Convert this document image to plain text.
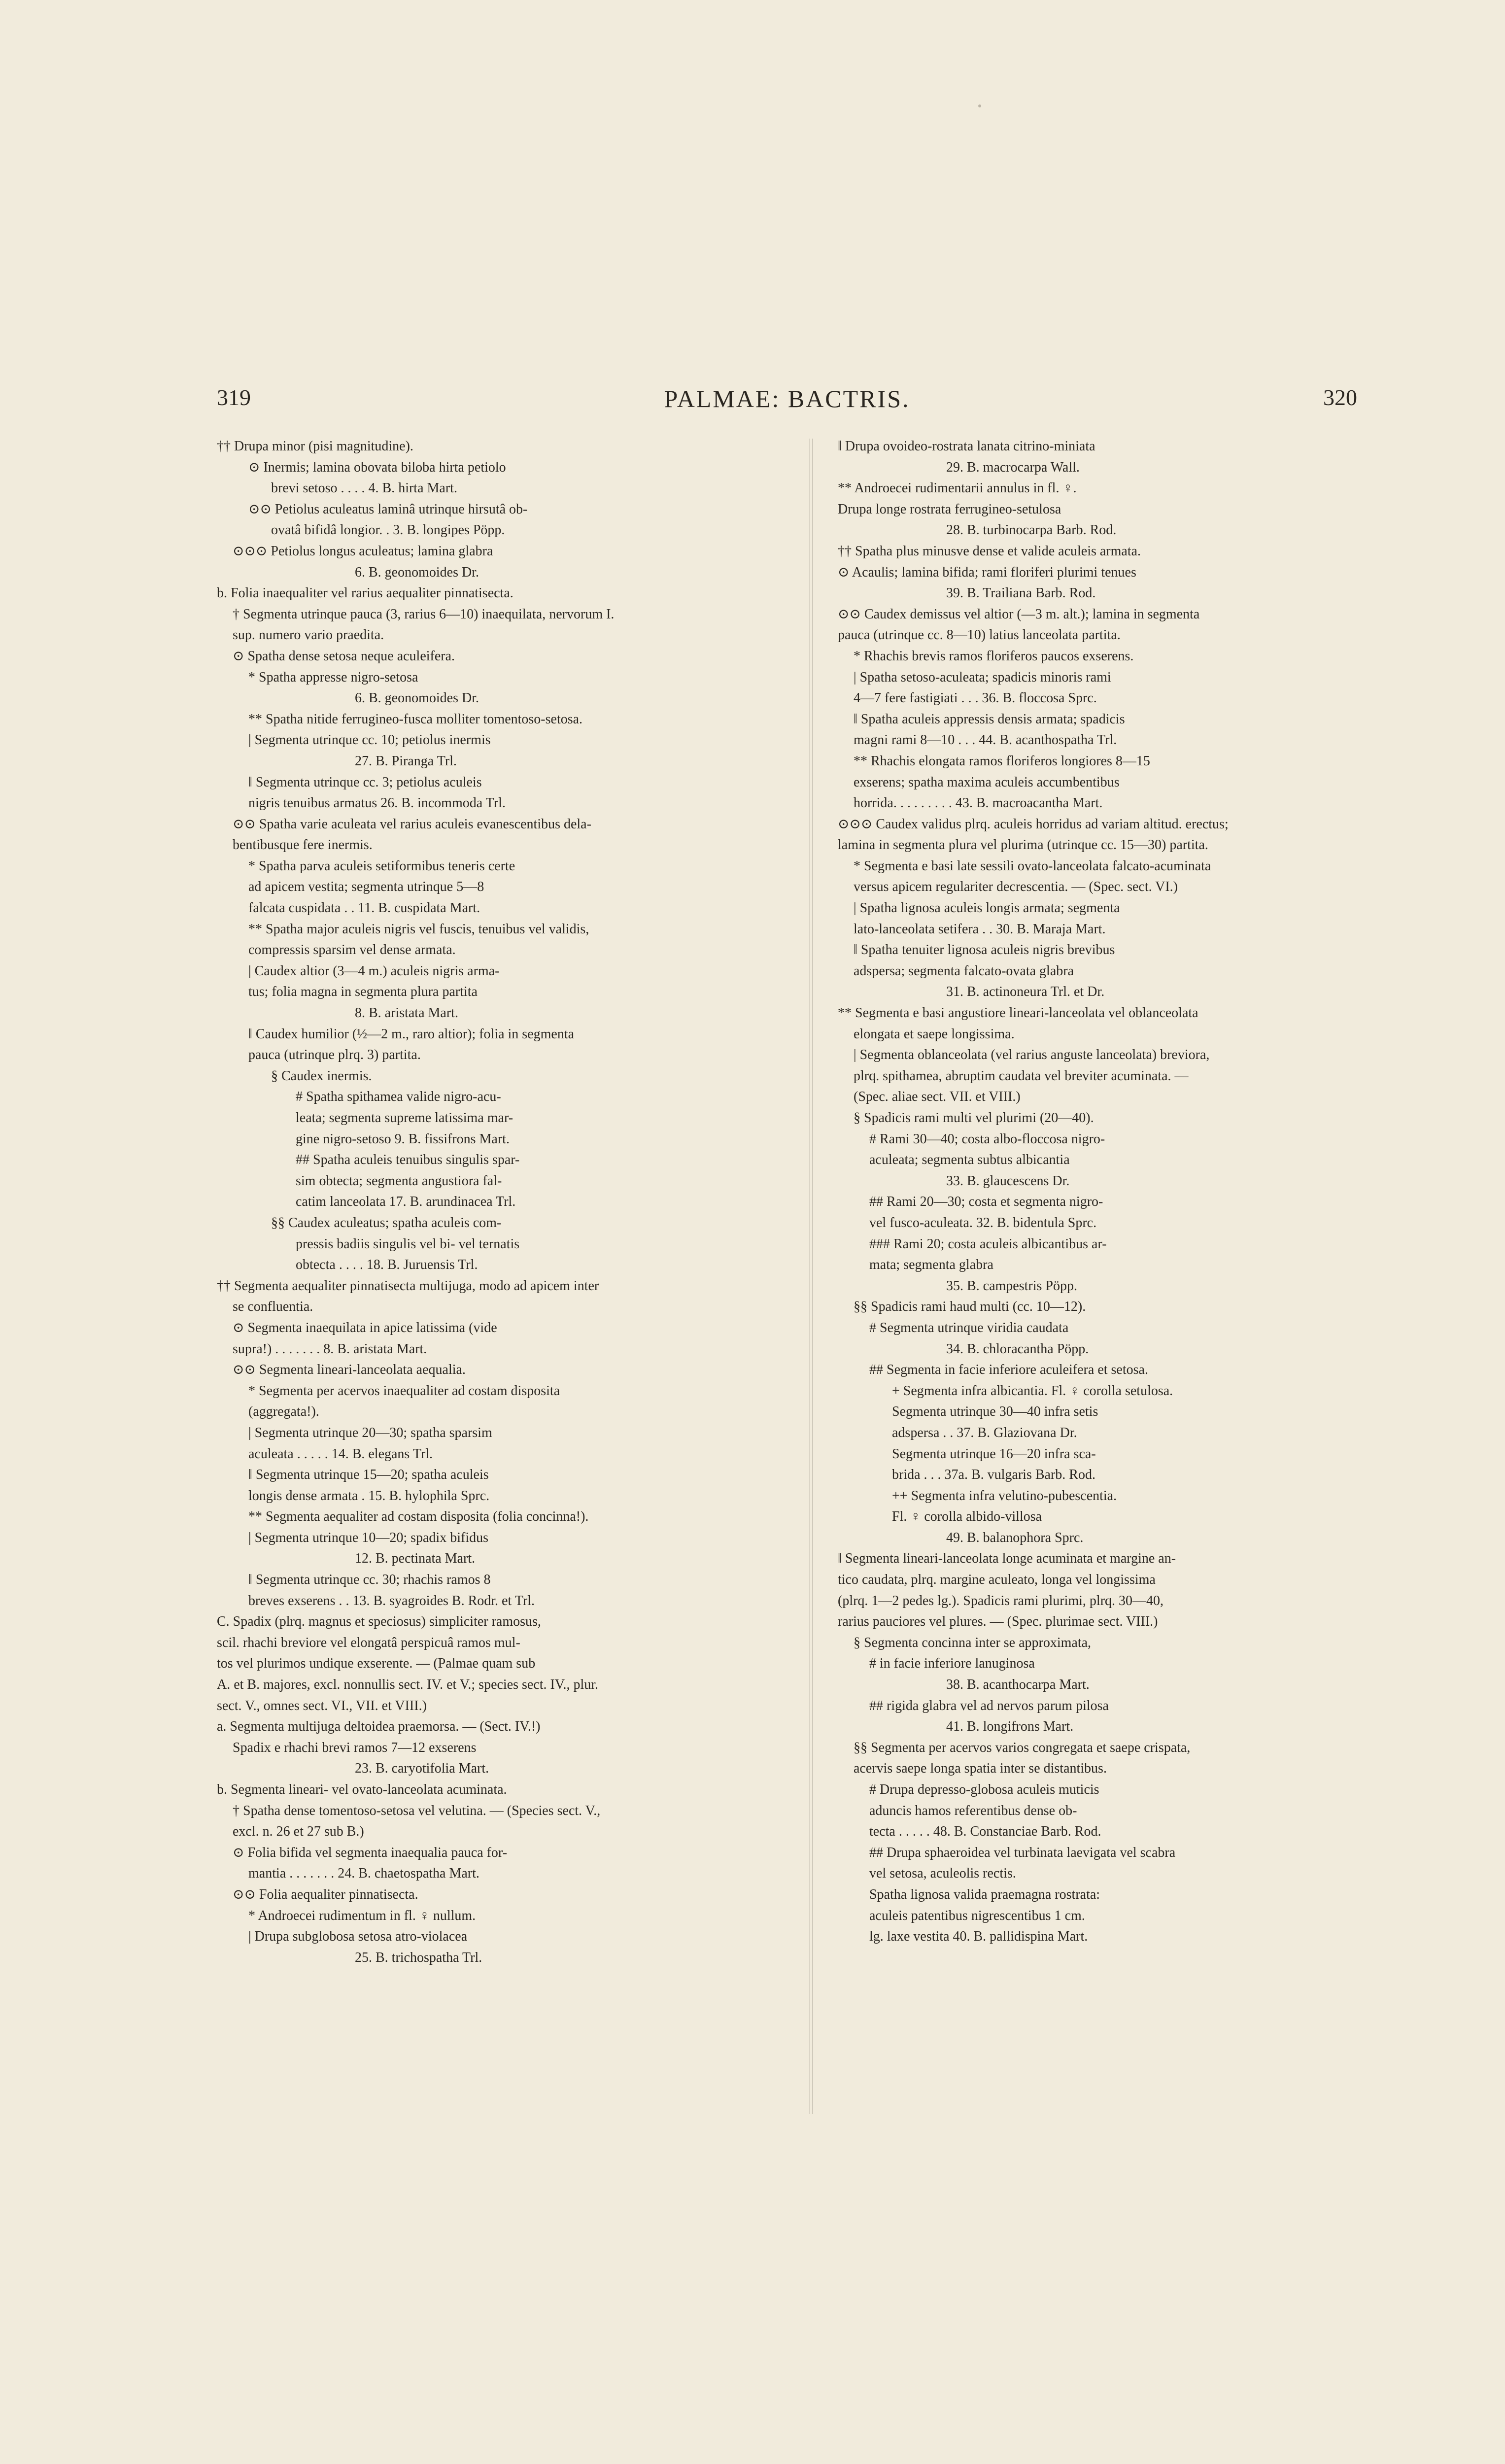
319	PALMAE: BACTRIS.	320
†† Drupa minor (pisi magnitudine).
⊙ Inermis; lamina obovata biloba hirta petiolo
brevi setoso . . . . 4. B. hirta Mart.
⊙⊙ Petiolus aculeatus laminâ utrinque hirsutâ ob-
ovatâ bifidâ longior. . 3. B. longipes Pöpp.
⊙⊙⊙ Petiolus longus aculeatus; lamina glabra
6. B. geonomoides Dr.
b. Folia inaequaliter vel rarius aequaliter pinnatisecta.
† Segmenta utrinque pauca (3, rarius 6—10) inaequilata, nervorum I.
sup. numero vario praedita.
⊙ Spatha dense setosa neque aculeifera.
* Spatha appresse nigro-setosa
6. B. geonomoides Dr.
** Spatha nitide ferrugineo-fusca molliter tomentoso-setosa.
| Segmenta utrinque cc. 10; petiolus inermis
27. B. Piranga Trl.
‖ Segmenta utrinque cc. 3; petiolus aculeis
nigris tenuibus armatus 26. B. incommoda Trl.
⊙⊙ Spatha varie aculeata vel rarius aculeis evanescentibus dela-
bentibusque fere inermis.
* Spatha parva aculeis setiformibus teneris certe
ad apicem vestita; segmenta utrinque 5—8
falcata cuspidata . . 11. B. cuspidata Mart.
** Spatha major aculeis nigris vel fuscis, tenuibus vel validis,
compressis sparsim vel dense armata.
| Caudex altior (3—4 m.) aculeis nigris arma-
tus; folia magna in segmenta plura partita
8. B. aristata Mart.
‖ Caudex humilior (½—2 m., raro altior); folia in segmenta
pauca (utrinque plrq. 3) partita.
§ Caudex inermis.
# Spatha spithamea valide nigro-acu-
leata; segmenta supreme latissima mar-
gine nigro-setoso 9. B. fissifrons Mart.
## Spatha aculeis tenuibus singulis spar-
sim obtecta; segmenta angustiora fal-
catim lanceolata 17. B. arundinacea Trl.
§§ Caudex aculeatus; spatha aculeis com-
pressis badiis singulis vel bi- vel ternatis
obtecta . . . . 18. B. Juruensis Trl.
†† Segmenta aequaliter pinnatisecta multijuga, modo ad apicem inter
se confluentia.
⊙ Segmenta inaequilata in apice latissima (vide
supra!) . . . . . . . 8. B. aristata Mart.
⊙⊙ Segmenta lineari-lanceolata aequalia.
* Segmenta per acervos inaequaliter ad costam disposita
(aggregata!).
| Segmenta utrinque 20—30; spatha sparsim
aculeata . . . . . 14. B. elegans Trl.
‖ Segmenta utrinque 15—20; spatha aculeis
longis dense armata . 15. B. hylophila Sprc.
** Segmenta aequaliter ad costam disposita (folia concinna!).
| Segmenta utrinque 10—20; spadix bifidus
12. B. pectinata Mart.
‖ Segmenta utrinque cc. 30; rhachis ramos 8
breves exserens . . 13. B. syagroides B. Rodr. et Trl.
C. Spadix (plrq. magnus et speciosus) simpliciter ramosus,
scil. rhachi breviore vel elongatâ perspicuâ ramos mul-
tos vel plurimos undique exserente. — (Palmae quam sub
A. et B. majores, excl. nonnullis sect. IV. et V.; species sect. IV., plur.
sect. V., omnes sect. VI., VII. et VIII.)
a. Segmenta multijuga deltoidea praemorsa. — (Sect. IV.!)
Spadix e rhachi brevi ramos 7—12 exserens
23. B. caryotifolia Mart.
b. Segmenta lineari- vel ovato-lanceolata acuminata.
† Spatha dense tomentoso-setosa vel velutina. — (Species sect. V.,
excl. n. 26 et 27 sub B.)
⊙ Folia bifida vel segmenta inaequalia pauca for-
mantia . . . . . . . 24. B. chaetospatha Mart.
⊙⊙ Folia aequaliter pinnatisecta.
* Androecei rudimentum in fl. ♀ nullum.
| Drupa subglobosa setosa atro-violacea
25. B. trichospatha Trl.
‖ Drupa ovoideo-rostrata lanata citrino-miniata
29. B. macrocarpa Wall.
** Androecei rudimentarii annulus in fl. ♀.
Drupa longe rostrata ferrugineo-setulosa
28. B. turbinocarpa Barb. Rod.
†† Spatha plus minusve dense et valide aculeis armata.
⊙ Acaulis; lamina bifida; rami floriferi plurimi tenues
39. B. Trailiana Barb. Rod.
⊙⊙ Caudex demissus vel altior (—3 m. alt.); lamina in segmenta
pauca (utrinque cc. 8—10) latius lanceolata partita.
* Rhachis brevis ramos floriferos paucos exserens.
| Spatha setoso-aculeata; spadicis minoris rami
4—7 fere fastigiati . . . 36. B. floccosa Sprc.
‖ Spatha aculeis appressis densis armata; spadicis
magni rami 8—10 . . . 44. B. acanthospatha Trl.
** Rhachis elongata ramos floriferos longiores 8—15
exserens; spatha maxima aculeis accumbentibus
horrida. . . . . . . . . 43. B. macroacantha Mart.
⊙⊙⊙ Caudex validus plrq. aculeis horridus ad variam altitud. erectus;
lamina in segmenta plura vel plurima (utrinque cc. 15—30) partita.
* Segmenta e basi late sessili ovato-lanceolata falcato-acuminata
versus apicem regulariter decrescentia. — (Spec. sect. VI.)
| Spatha lignosa aculeis longis armata; segmenta
lato-lanceolata setifera . . 30. B. Maraja Mart.
‖ Spatha tenuiter lignosa aculeis nigris brevibus
adspersa; segmenta falcato-ovata glabra
31. B. actinoneura Trl. et Dr.
** Segmenta e basi angustiore lineari-lanceolata vel oblanceolata
elongata et saepe longissima.
| Segmenta oblanceolata (vel rarius anguste lanceolata) breviora,
plrq. spithamea, abruptim caudata vel breviter acuminata. —
(Spec. aliae sect. VII. et VIII.)
§ Spadicis rami multi vel plurimi (20—40).
# Rami 30—40; costa albo-floccosa nigro-
aculeata; segmenta subtus albicantia
33. B. glaucescens Dr.
## Rami 20—30; costa et segmenta nigro-
vel fusco-aculeata. 32. B. bidentula Sprc.
### Rami 20; costa aculeis albicantibus ar-
mata; segmenta glabra
35. B. campestris Pöpp.
§§ Spadicis rami haud multi (cc. 10—12).
# Segmenta utrinque viridia caudata
34. B. chloracantha Pöpp.
## Segmenta in facie inferiore aculeifera et setosa.
+ Segmenta infra albicantia. Fl. ♀ corolla setulosa.
Segmenta utrinque 30—40 infra setis
adspersa . . 37. B. Glaziovana Dr.
Segmenta utrinque 16—20 infra sca-
brida . . . 37a. B. vulgaris Barb. Rod.
++ Segmenta infra velutino-pubescentia.
Fl. ♀ corolla albido-villosa
49. B. balanophora Sprc.
‖ Segmenta lineari-lanceolata longe acuminata et margine an-
tico caudata, plrq. margine aculeato, longa vel longissima
(plrq. 1—2 pedes lg.). Spadicis rami plurimi, plrq. 30—40,
rarius pauciores vel plures. — (Spec. plurimae sect. VIII.)
§ Segmenta concinna inter se approximata,
# in facie inferiore lanuginosa
38. B. acanthocarpa Mart.
## rigida glabra vel ad nervos parum pilosa
41. B. longifrons Mart.
§§ Segmenta per acervos varios congregata et saepe crispata,
acervis saepe longa spatia inter se distantibus.
# Drupa depresso-globosa aculeis muticis
aduncis hamos referentibus dense ob-
tecta . . . . . 48. B. Constanciae Barb. Rod.
## Drupa sphaeroidea vel turbinata laevigata vel scabra
vel setosa, aculeolis rectis.
Spatha lignosa valida praemagna rostrata:
aculeis patentibus nigrescentibus 1 cm.
lg. laxe vestita 40. B. pallidispina Mart.
